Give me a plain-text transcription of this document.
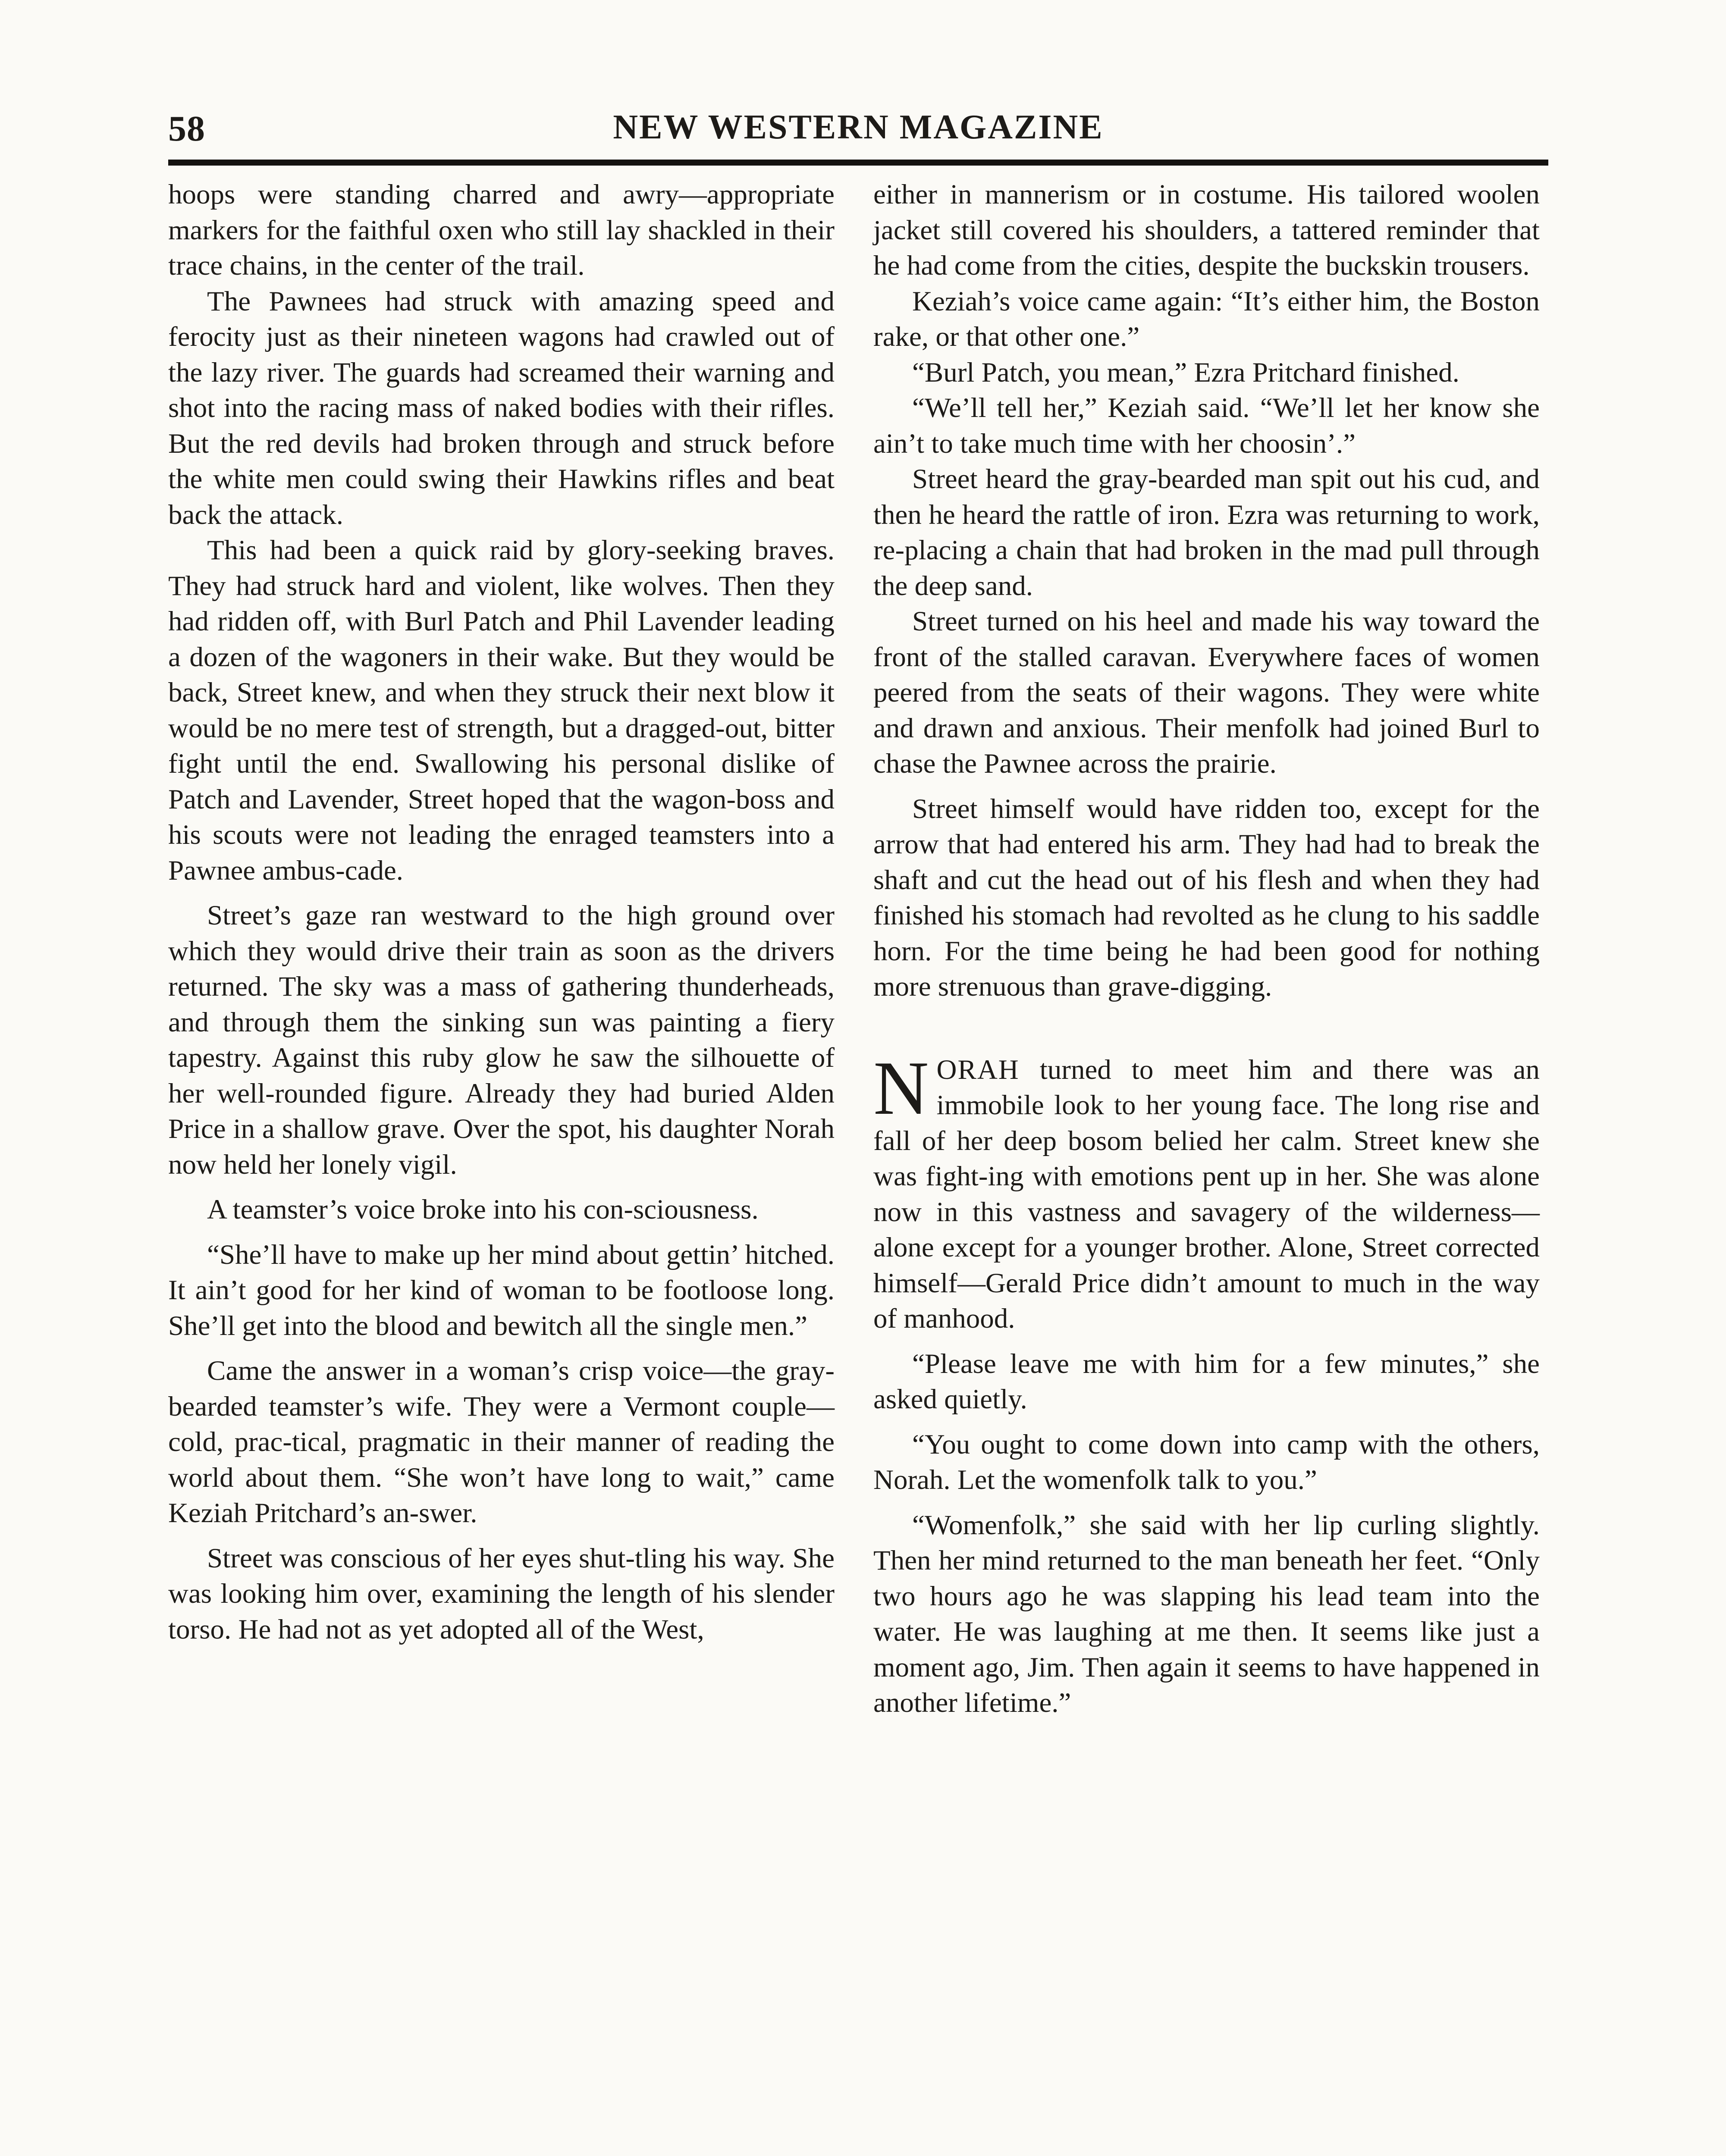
NEW WESTERN MAGAZINE
58

hoops were standing charred and awry—appropriate markers for the faithful oxen who still lay shackled in their trace chains, in the center of the trail.

The Pawnees had struck with amazing speed and ferocity just as their nineteen wagons had crawled out of the lazy river. The guards had screamed their warning and shot into the racing mass of naked bodies with their rifles. But the red devils had broken through and struck before the white men could swing their Hawkins rifles and beat back the attack.

This had been a quick raid by glory-seeking braves. They had struck hard and violent, like wolves. Then they had ridden off, with Burl Patch and Phil Lavender leading a dozen of the wagoners in their wake. But they would be back, Street knew, and when they struck their next blow it would be no mere test of strength, but a dragged-out, bitter fight until the end. Swallowing his personal dislike of Patch and Lavender, Street hoped that the wagon-boss and his scouts were not leading the enraged teamsters into a Pawnee ambus-cade.

Street’s gaze ran westward to the high ground over which they would drive their train as soon as the drivers returned. The sky was a mass of gathering thunderheads, and through them the sinking sun was painting a fiery tapestry. Against this ruby glow he saw the silhouette of her well-rounded figure. Already they had buried Alden Price in a shallow grave. Over the spot, his daughter Norah now held her lonely vigil.

A teamster’s voice broke into his con-sciousness.

“She’ll have to make up her mind about gettin’ hitched. It ain’t good for her kind of woman to be footloose long. She’ll get into the blood and bewitch all the single men.”

Came the answer in a woman’s crisp voice—the gray-bearded teamster’s wife. They were a Vermont couple—cold, prac-tical, pragmatic in their manner of reading the world about them. “She won’t have long to wait,” came Keziah Pritchard’s an-swer.

Street was conscious of her eyes shut-tling his way. She was looking him over, examining the length of his slender torso. He had not as yet adopted all of the West,

either in mannerism or in costume. His tailored woolen jacket still covered his shoulders, a tattered reminder that he had come from the cities, despite the buckskin trousers.

Keziah’s voice came again: “It’s either him, the Boston rake, or that other one.”

“Burl Patch, you mean,” Ezra Pritchard finished.

“We’ll tell her,” Keziah said. “We’ll let her know she ain’t to take much time with her choosin’.”

Street heard the gray-bearded man spit out his cud, and then he heard the rattle of iron. Ezra was returning to work, re-placing a chain that had broken in the mad pull through the deep sand.

Street turned on his heel and made his way toward the front of the stalled caravan. Everywhere faces of women peered from the seats of their wagons. They were white and drawn and anxious. Their menfolk had joined Burl to chase the Pawnee across the prairie.

Street himself would have ridden too, except for the arrow that had entered his arm. They had had to break the shaft and cut the head out of his flesh and when they had finished his stomach had revolted as he clung to his saddle horn. For the time being he had been good for nothing more strenuous than grave-digging.

NORAH turned to meet him and there was an immobile look to her young face. The long rise and fall of her deep bosom belied her calm. Street knew she was fight-ing with emotions pent up in her. She was alone now in this vastness and savagery of the wilderness—alone except for a younger brother. Alone, Street corrected himself—Gerald Price didn’t amount to much in the way of manhood.

“Please leave me with him for a few minutes,” she asked quietly.

“You ought to come down into camp with the others, Norah. Let the womenfolk talk to you.”

“Womenfolk,” she said with her lip curling slightly. Then her mind returned to the man beneath her feet. “Only two hours ago he was slapping his lead team into the water. He was laughing at me then. It seems like just a moment ago, Jim. Then again it seems to have happened in another lifetime.”
